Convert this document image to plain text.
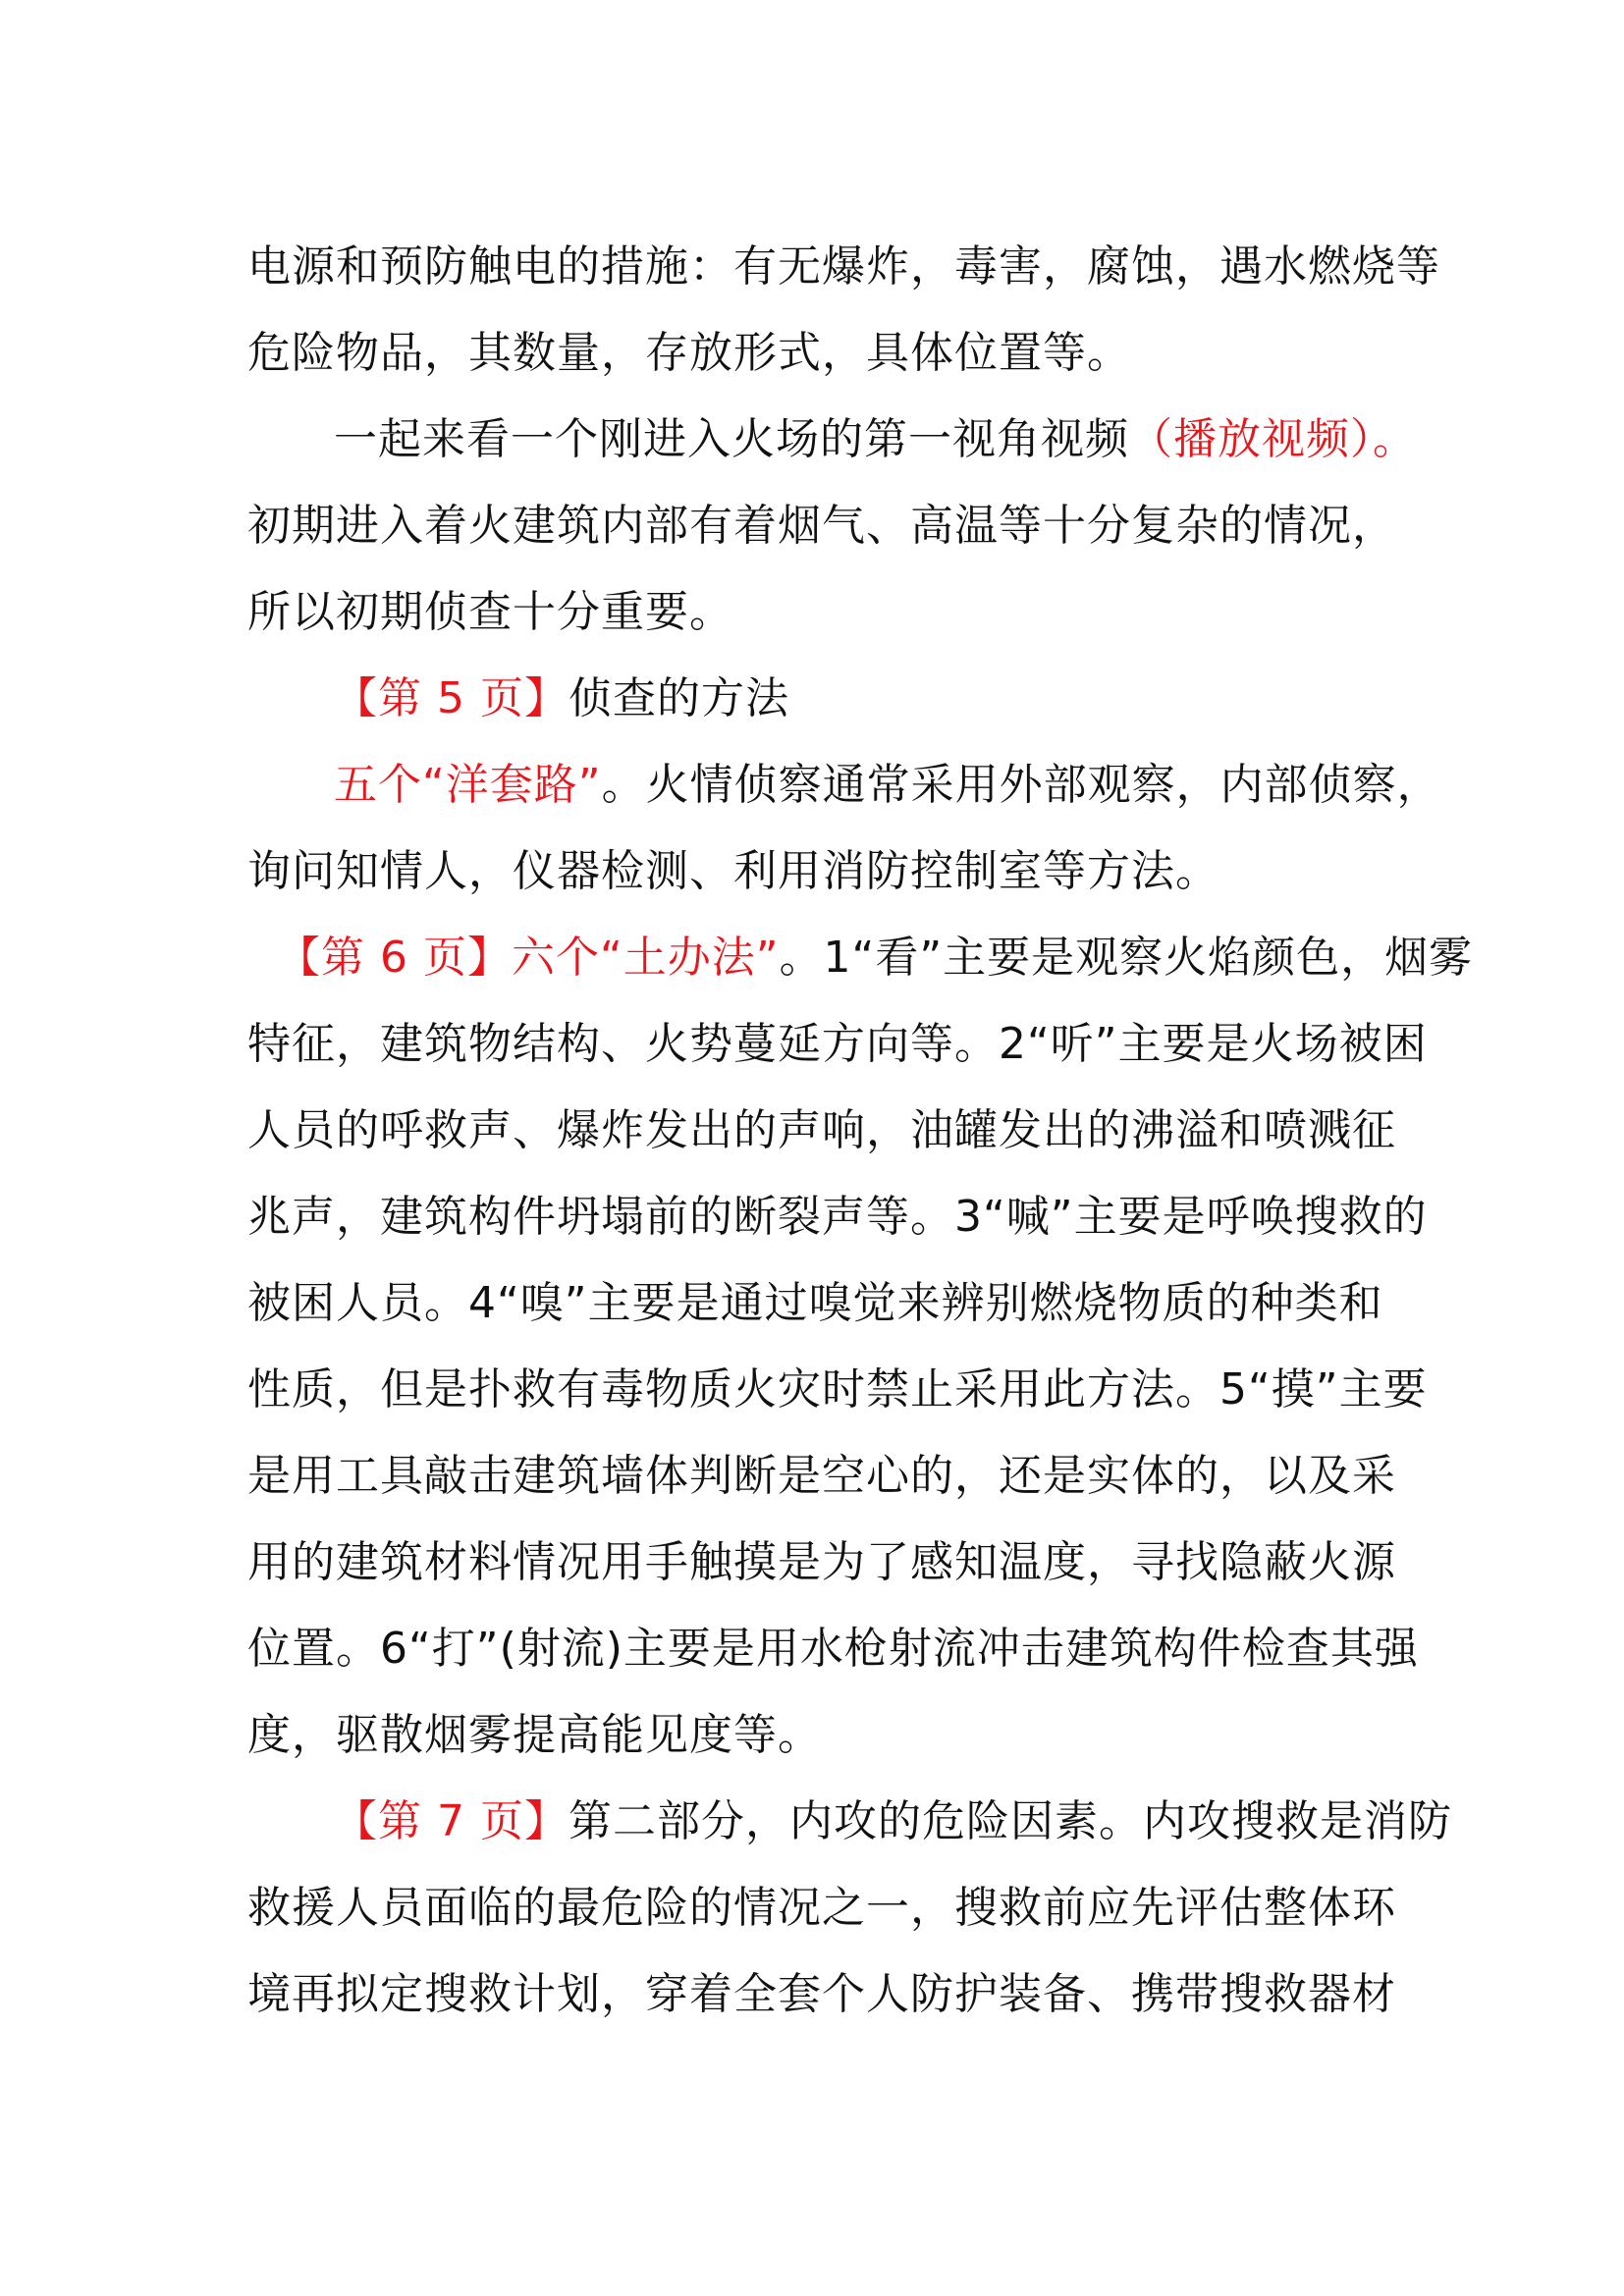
电源和预防触电的措施：有无爆炸，毒害，腐蚀，遇水燃烧等
危险物品，其数量，存放形式，具体位置等。
一起来看一个刚进入火场的第一视角视频（播放视频）。
初期进入着火建筑内部有着烟气、高温等十分复杂的情况，
所以初期侦查十分重要。
【第 5 页】侦查的方法
五个“洋套路”。火情侦察通常采用外部观察，内部侦察，
询问知情人，仪器检测、利用消防控制室等方法。
【第 6 页】六个“土办法”。1“看”主要是观察火焰颜色，烟雾
特征，建筑物结构、火势蔓延方向等。2“听”主要是火场被困
人员的呼救声、爆炸发出的声响，油罐发出的沸溢和喷溅征
兆声，建筑构件坍塌前的断裂声等。3“喊”主要是呼唤搜救的
被困人员。4“嗅”主要是通过嗅觉来辨别燃烧物质的种类和
性质，但是扑救有毒物质火灾时禁止采用此方法。5“摸”主要
是用工具敲击建筑墙体判断是空心的，还是实体的，以及采
用的建筑材料情况用手触摸是为了感知温度，寻找隐蔽火源
位置。6“打”(射流)主要是用水枪射流冲击建筑构件检查其强
度，驱散烟雾提高能见度等。
【第 7 页】第二部分，内攻的危险因素。内攻搜救是消防
救援人员面临的最危险的情况之一，搜救前应先评估整体环
境再拟定搜救计划，穿着全套个人防护装备、携带搜救器材
